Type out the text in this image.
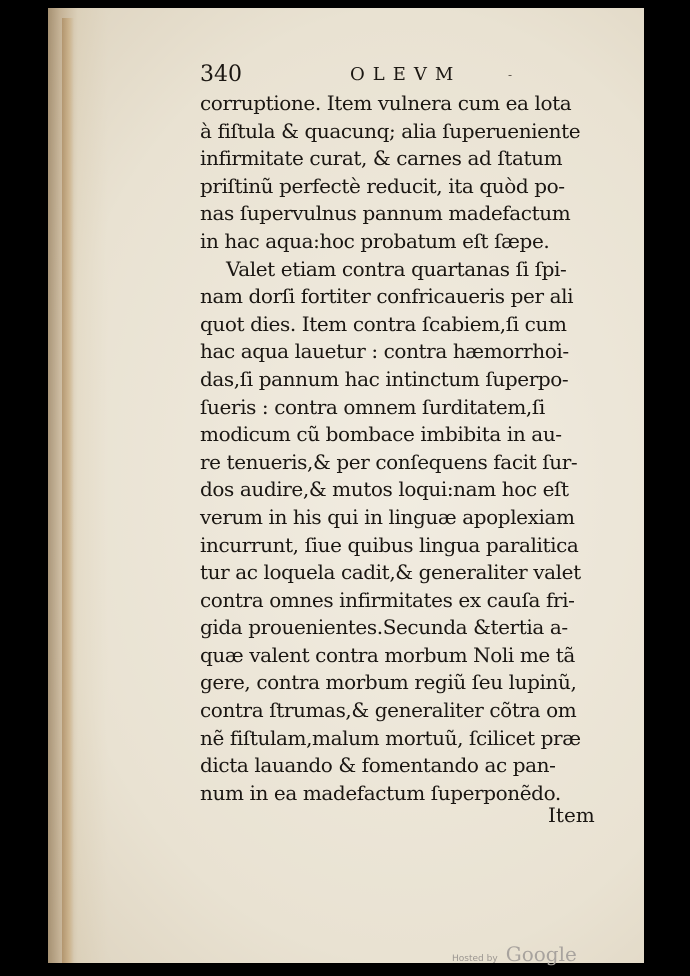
340	OLEVM	-
corruptione. Item vulnera cum ea lota
à fiſtula & quacunq; alia ſuperueniente
infirmitate curat, & carnes ad ſtatum
priſtinũ perfectè reducit, ita quòd po-
nas ſupervulnus pannum madefactum
in hac aqua:hoc probatum eſt ſæpe.
Valet etiam contra quartanas ſi ſpi-
nam dorſi fortiter confricaueris per ali
quot dies. Item contra ſcabiem,ſi cum
hac aqua lauetur : contra hæmorrhoi-
das,ſi pannum hac intinctum ſuperpo-
ſueris : contra omnem ſurditatem,ſi
modicum cũ bombace imbibita in au-
re tenueris,& per conſequens facit ſur-
dos audire,& mutos loqui:nam hoc eſt
verum in his qui in linguæ apoplexiam
incurrunt, ſiue quibus lingua paralitica
tur ac loquela cadit,& generaliter valet
contra omnes infirmitates ex cauſa fri-
gida prouenientes.Secunda &tertia a-
quæ valent contra morbum Noli me tã
gere, contra morbum regiũ ſeu lupinũ,
contra ſtrumas,& generaliter cõtra om
nẽ fiſtulam,malum mortuũ, ſcilicet præ
dicta lauando & fomentando ac pan-
num in ea madefactum ſuperponẽdo.
Item
Hosted by Google
